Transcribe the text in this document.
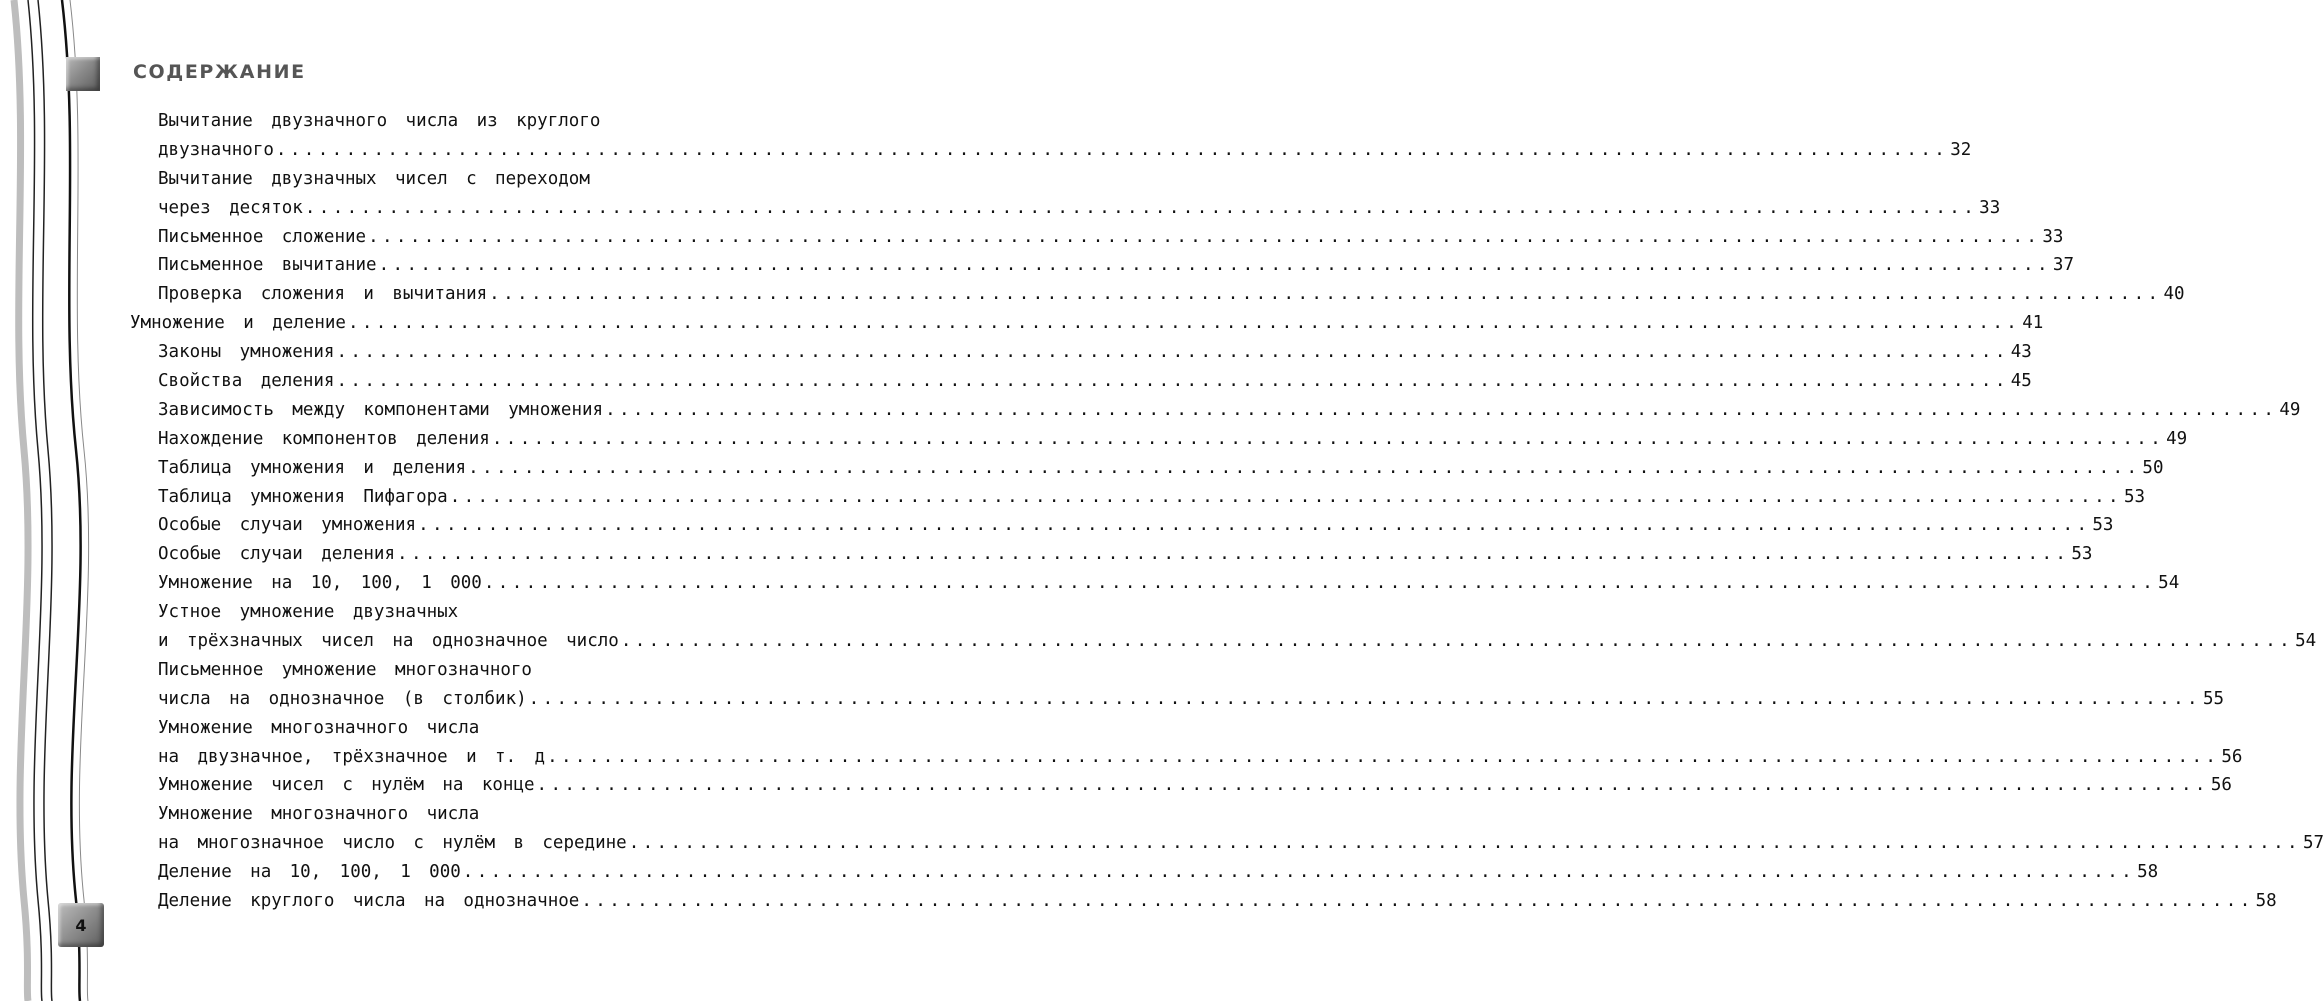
СОДЕРЖАНИЕ
Вычитание двузначного числа из круглого
двузначного ........................................................................................................................ 32
Вычитание двузначных чисел с переходом
через десяток ........................................................................................................................ 33
Письменное сложение ........................................................................................................................ 33
Письменное вычитание ........................................................................................................................ 37
Проверка сложения и вычитания ........................................................................................................................ 40
Умножение и деление ........................................................................................................................ 41
Законы умножения ........................................................................................................................ 43
Свойства деления ........................................................................................................................ 45
Зависимость между компонентами умножения ........................................................................................................................ 49
Нахождение компонентов деления ........................................................................................................................ 49
Таблица умножения и деления ........................................................................................................................ 50
Таблица умножения Пифагора ........................................................................................................................ 53
Особые случаи умножения ........................................................................................................................ 53
Особые случаи деления ........................................................................................................................ 53
Умножение на 10, 100, 1 000 ........................................................................................................................ 54
Устное умножение двузначных
и трёхзначных чисел на однозначное число ........................................................................................................................ 54
Письменное умножение многозначного
числа на однозначное (в столбик) ........................................................................................................................ 55
Умножение многозначного числа
на двузначное, трёхзначное и т. д ........................................................................................................................ 56
Умножение чисел с нулём на конце ........................................................................................................................ 56
Умножение многозначного числа
на многозначное число с нулём в середине ........................................................................................................................ 57
Деление на 10, 100, 1 000 ........................................................................................................................ 58
Деление круглого числа на однозначное ........................................................................................................................ 58
4
